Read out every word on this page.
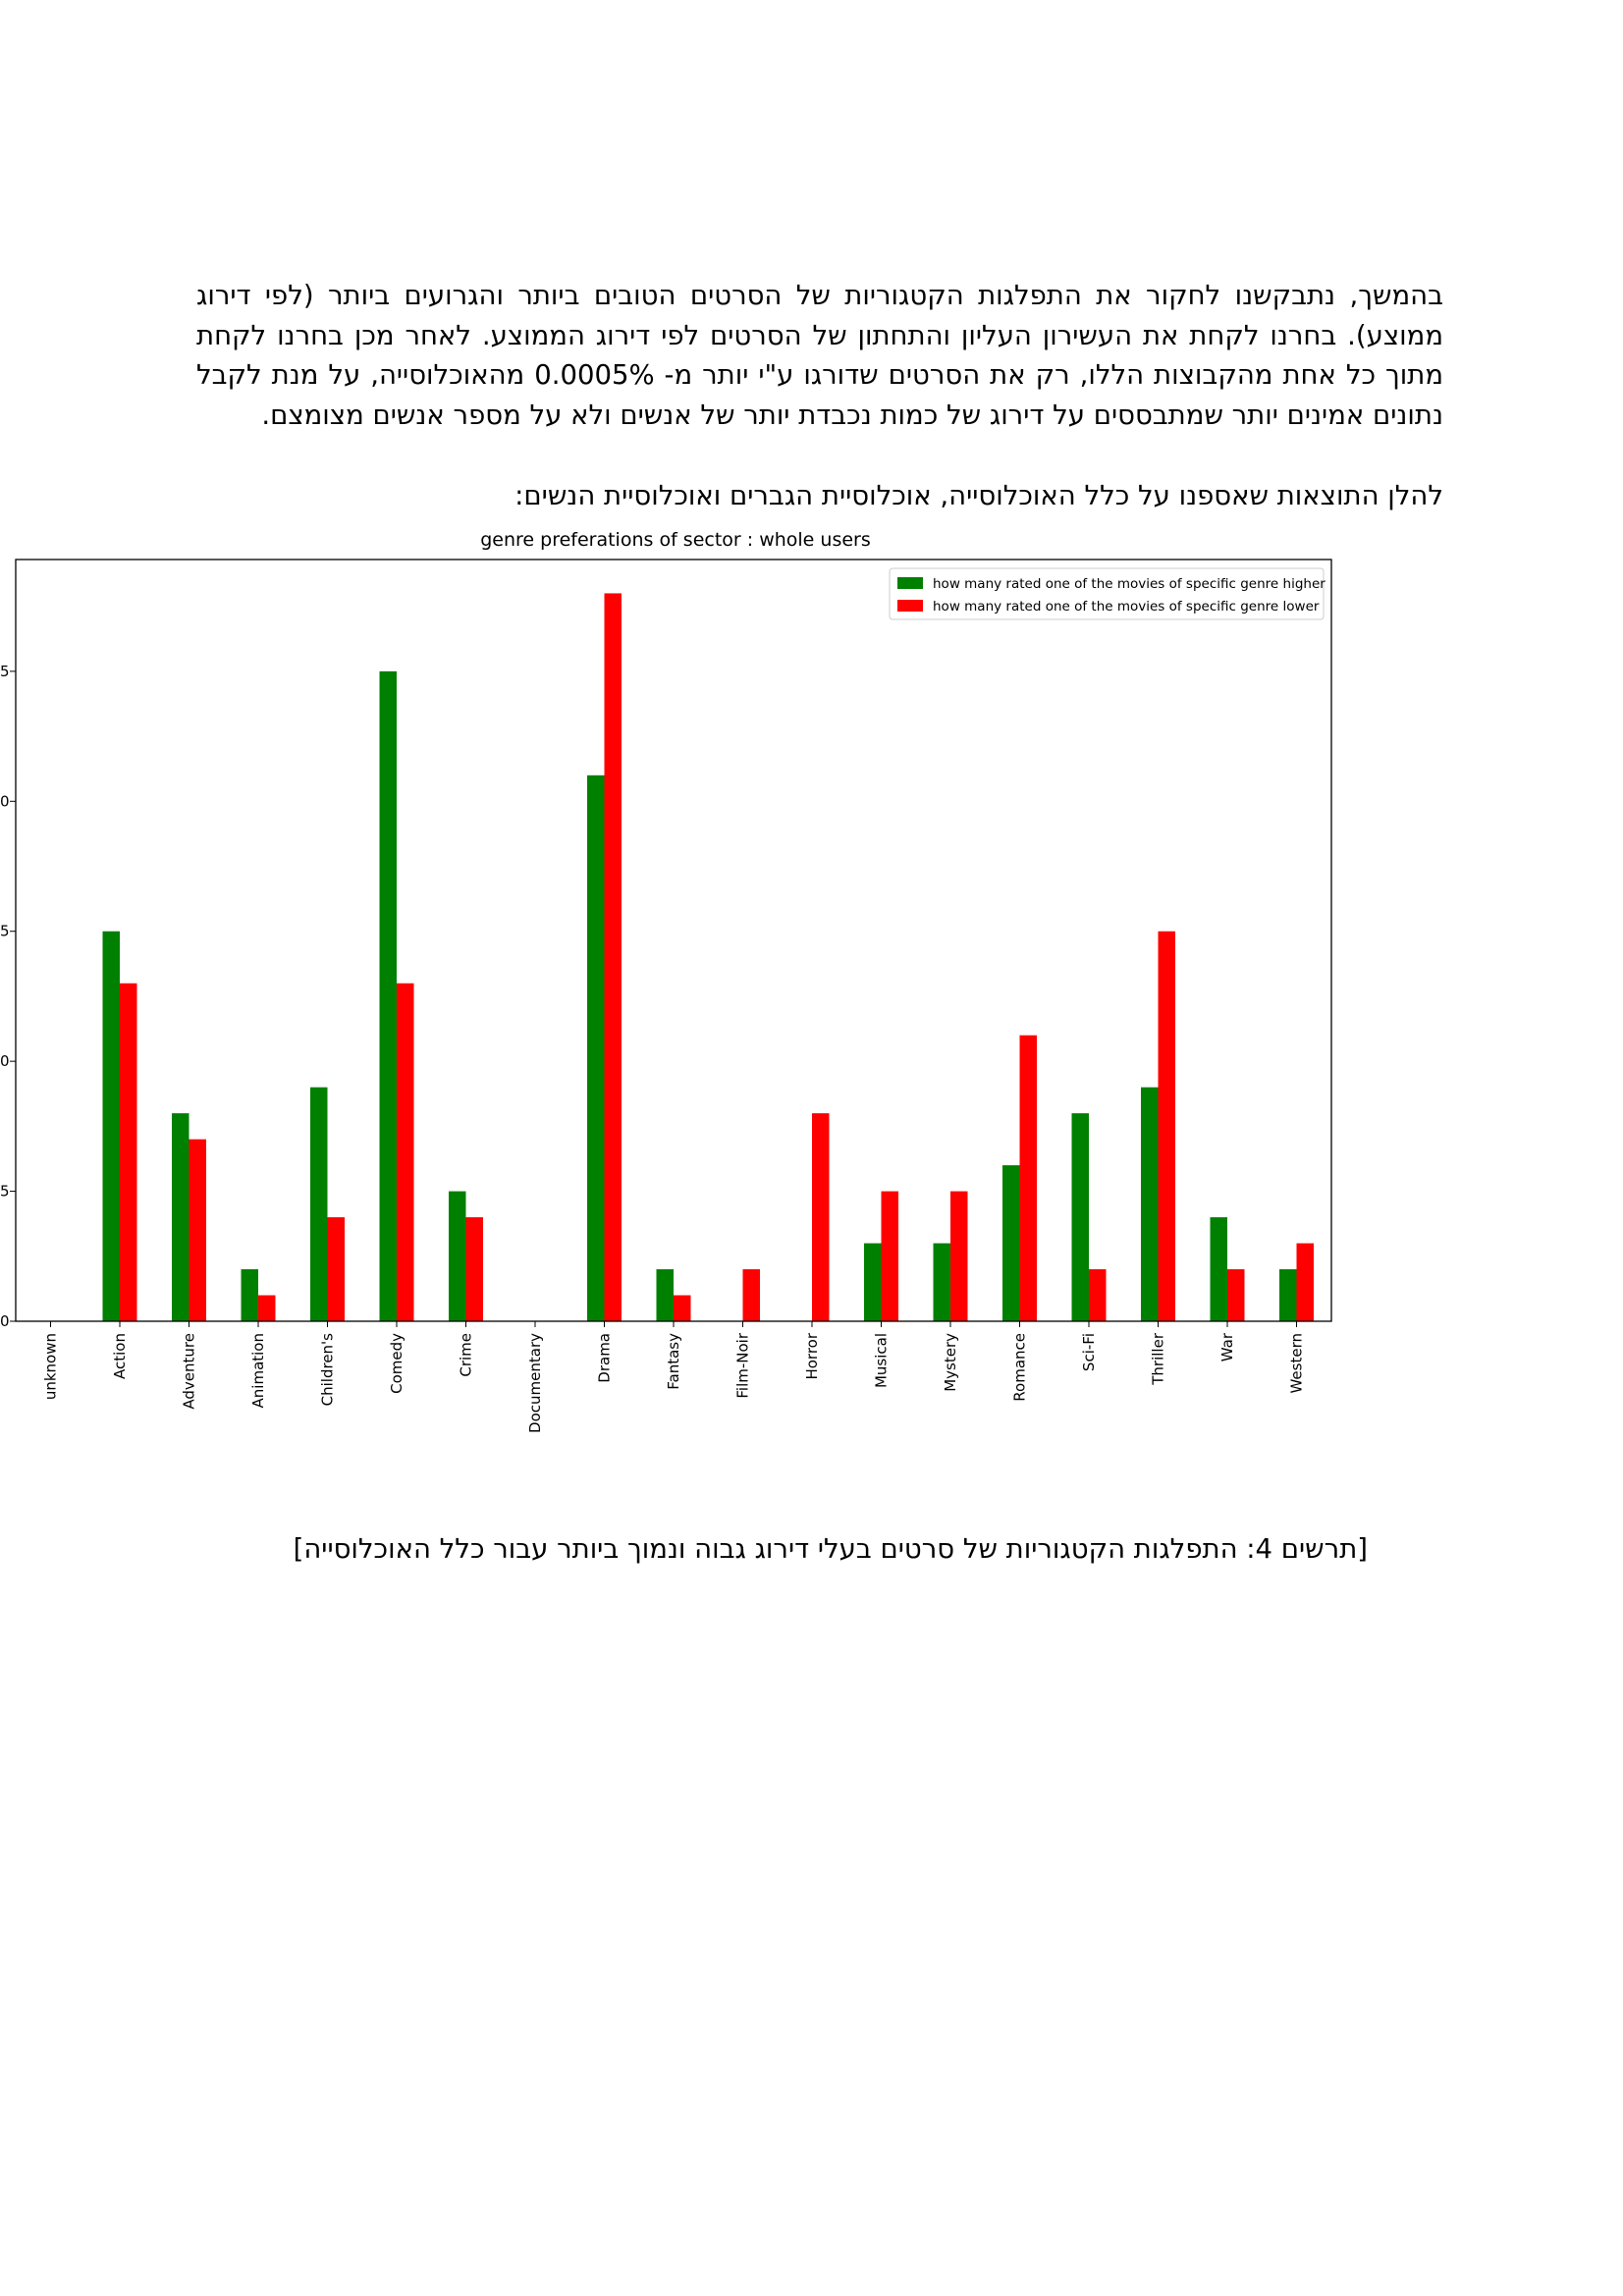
בהמשך, נתבקשנו לחקור את התפלגות הקטגוריות של הסרטים הטובים ביותר והגרועים ביותר (לפי דירוג ממוצע). בחרנו לקחת את העשירון העליון והתחתון של הסרטים לפי דירוג הממוצע. לאחר מכן בחרנו לקחת מתוך כל אחת מהקבוצות הללו, רק את הסרטים שדורגו ע"י יותר מ- 0.0005% מהאוכלוסייה, על מנת לקבל נתונים אמינים יותר שמתבססים על דירוג של כמות נכבדת יותר של אנשים ולא על מספר אנשים מצומצם.

להלן התוצאות שאספנו על כלל האוכלוסייה, אוכלוסיית הגברים ואוכלוסיית הנשים:

genre preferations of sector : whole users
0
5
0
5
0
5
unknown	Action	Adventure	Animation	Children's	Comedy	Crime	Documentary	Drama	Fantasy	Film-Noir	Horror	Musical	Mystery	Romance	Sci-Fi	Thriller	War	Western
how many rated one of the movies of specific genre higher
how many rated one of the movies of specific genre lower

[תרשים 4: התפלגות הקטגוריות של סרטים בעלי דירוג גבוה ונמוך ביותר עבור כלל האוכלוסייה]
